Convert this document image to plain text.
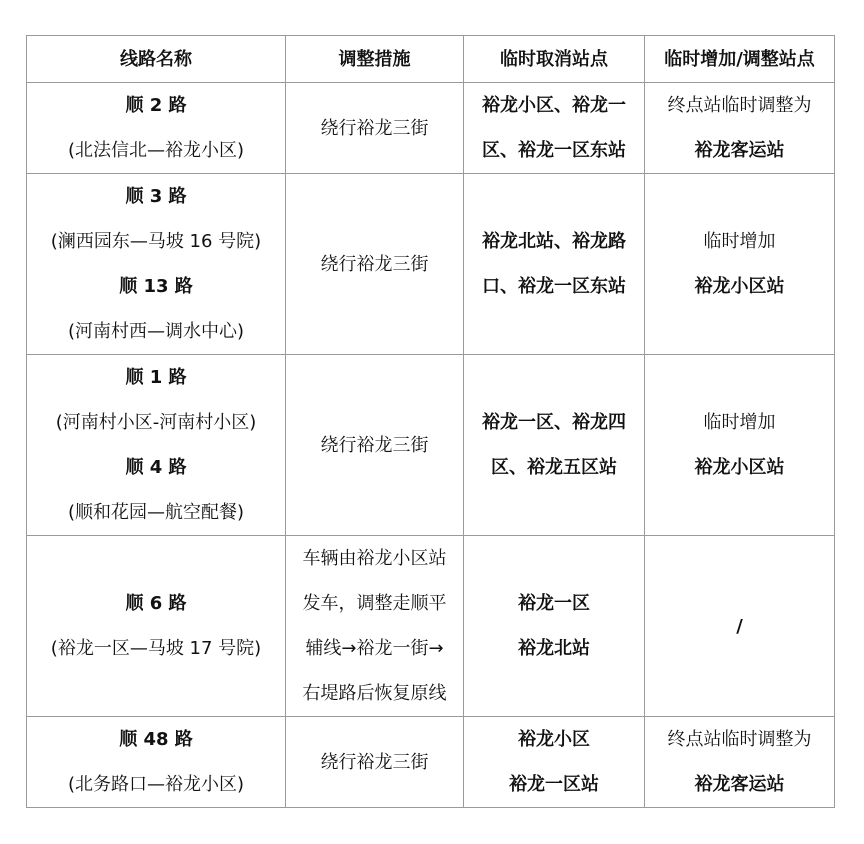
线路名称	调整措施	临时取消站点	临时增加/调整站点

顺 2 路
(北法信北—裕龙小区)	绕行裕龙三街	裕龙小区、裕龙一
区、裕龙一区东站	终点站临时调整为
裕龙客运站

顺 3 路
(澜西园东—马坡 16 号院)
顺 13 路
(河南村西—调水中心)	绕行裕龙三街	裕龙北站、裕龙路
口、裕龙一区东站	临时增加
裕龙小区站

顺 1 路
(河南村小区-河南村小区)
顺 4 路
(顺和花园—航空配餐)	绕行裕龙三街	裕龙一区、裕龙四
区、裕龙五区站	临时增加
裕龙小区站

顺 6 路
(裕龙一区—马坡 17 号院)	车辆由裕龙小区站
发车，调整走顺平
辅线→裕龙一街→
右堤路后恢复原线	裕龙一区
裕龙北站	/

顺 48 路
(北务路口—裕龙小区)	绕行裕龙三街	裕龙小区
裕龙一区站	终点站临时调整为
裕龙客运站
